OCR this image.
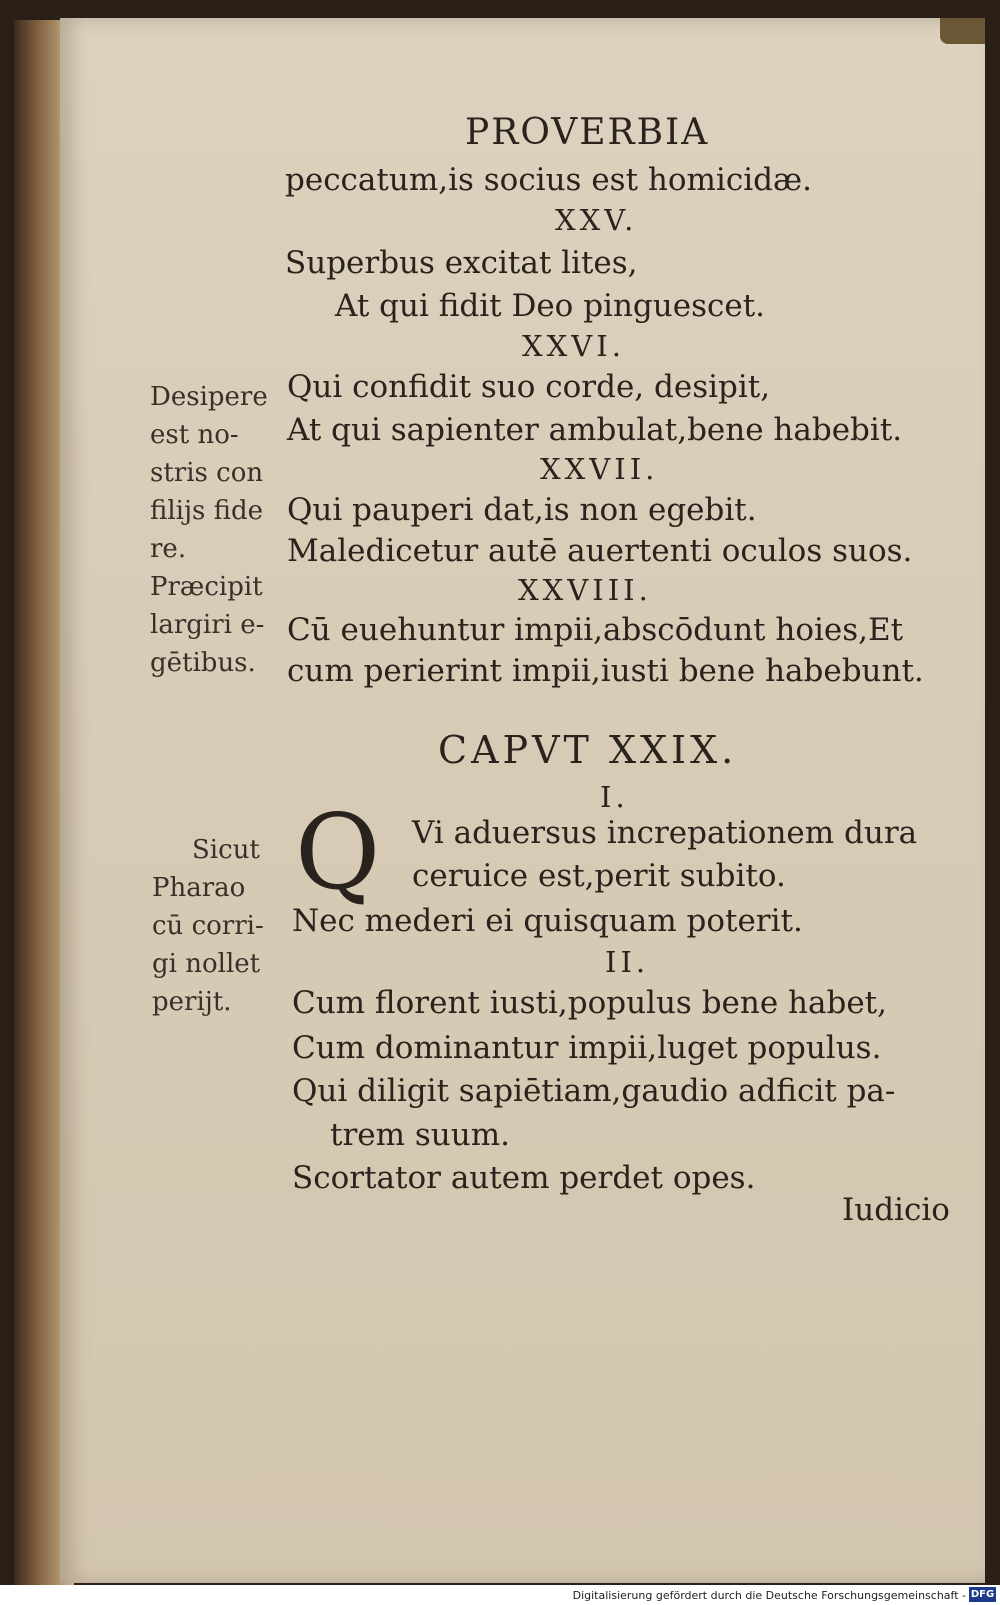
PROVERBIA
peccatum,is socius est homicidæ.
XXV.
Superbus excitat lites,
At qui fidit Deo pinguescet.
XXVI.
Qui confidit suo corde, desipit,
At qui sapienter ambulat,bene habebit.
XXVII.
Qui pauperi dat,is non egebit.
Maledicetur autē auertenti oculos suos.
XXVIII.
Cū euehuntur impii,abscōdunt hoies,Et
cum perierint impii,iusti bene habebunt.
Desipere
est no-
stris con
filijs fide
re.
Præcipit
largiri e-
gētibus.
CAPVT XXIX.
I.
Q Vi aduersus increpationem dura
ceruice est,perit subito.
Nec mederi ei quisquam poterit.
II.
Cum florent iusti,populus bene habet,
Cum dominantur impii,luget populus.
Qui diligit sapiētiam,gaudio adficit pa-
trem suum.
Scortator autem perdet opes.
Sicut
Pharao
cū corri-
gi nollet
perijt.
Iudicio
Digitalisierung gefördert durch die Deutsche Forschungsgemeinschaft - DFG
